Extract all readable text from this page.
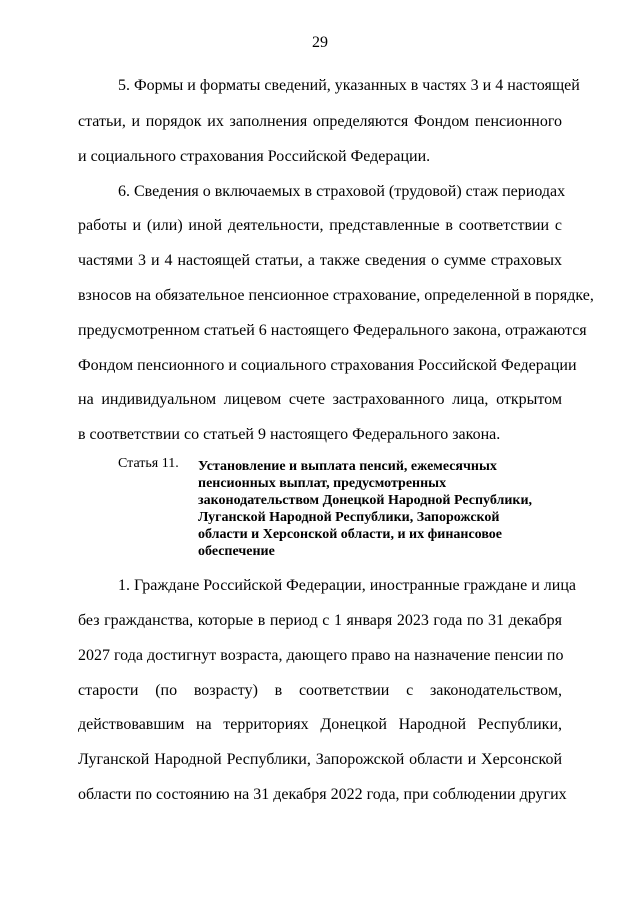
29
5. Формы и форматы сведений, указанных в частях 3 и 4 настоящей
статьи, и порядок их заполнения определяются Фондом пенсионного
и социального страхования Российской Федерации.
6. Сведения о включаемых в страховой (трудовой) стаж периодах
работы и (или) иной деятельности, представленные в соответствии с
частями 3 и 4 настоящей статьи, а также сведения о сумме страховых
взносов на обязательное пенсионное страхование, определенной в порядке,
предусмотренном статьей 6 настоящего Федерального закона, отражаются
Фондом пенсионного и социального страхования Российской Федерации
на индивидуальном лицевом счете застрахованного лица, открытом
в соответствии со статьей 9 настоящего Федерального закона.
Статья 11. Установление и выплата пенсий, ежемесячных
пенсионных выплат, предусмотренных
законодательством Донецкой Народной Республики,
Луганской Народной Республики, Запорожской
области и Херсонской области, и их финансовое
обеспечение
1. Граждане Российской Федерации, иностранные граждане и лица
без гражданства, которые в период с 1 января 2023 года по 31 декабря
2027 года достигнут возраста, дающего право на назначение пенсии по
старости (по возрасту) в соответствии с законодательством,
действовавшим на территориях Донецкой Народной Республики,
Луганской Народной Республики, Запорожской области и Херсонской
области по состоянию на 31 декабря 2022 года, при соблюдении других
